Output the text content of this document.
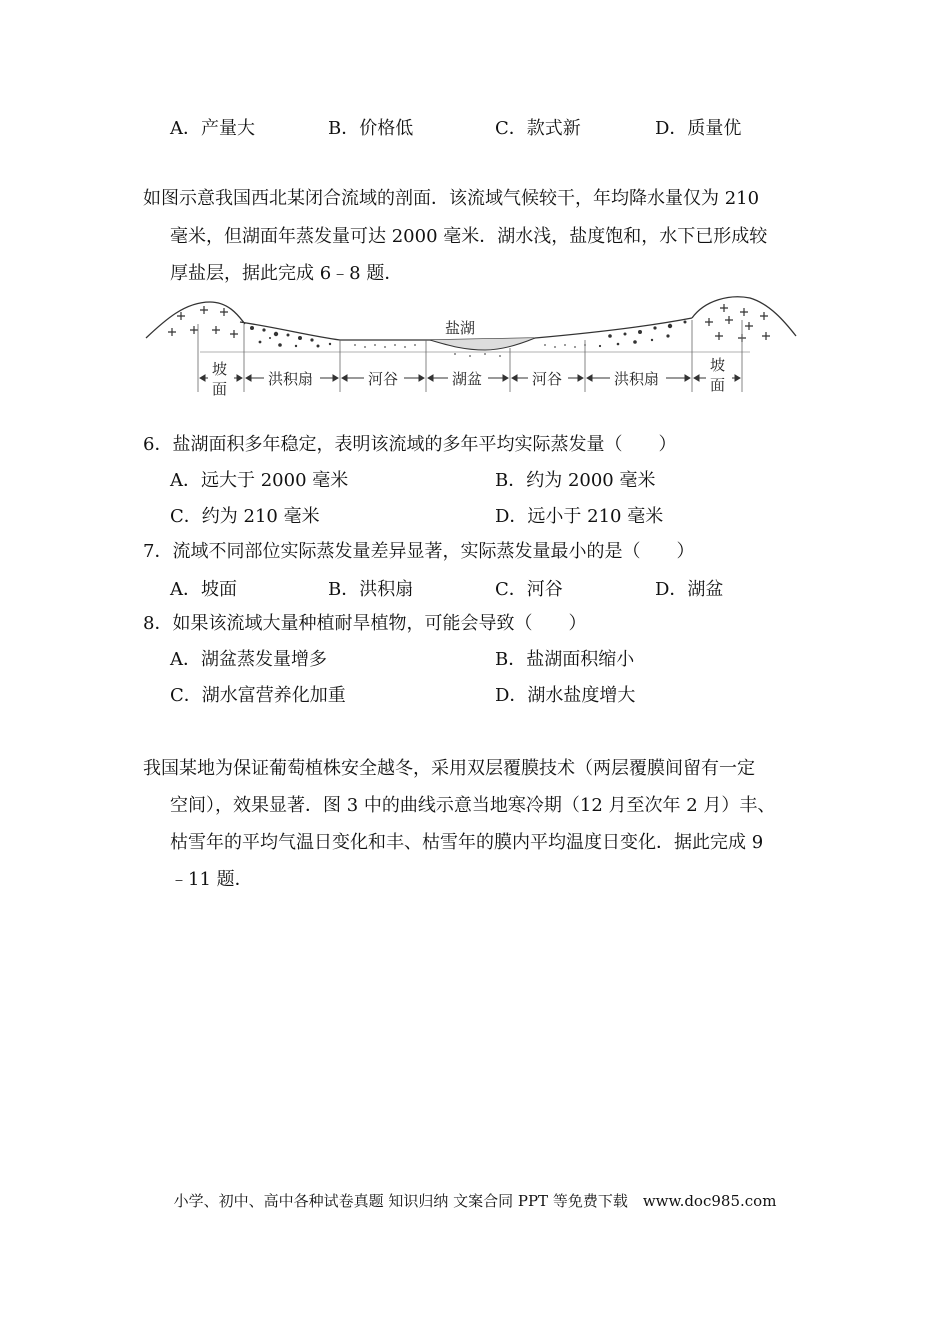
A．产量大	B．价格低	C．款式新	D．质量优
如图示意我国西北某闭合流域的剖面．该流域气候较干，年均降水量仅为 210
毫米，但湖面年蒸发量可达 2000 毫米．湖水浅，盐度饱和，水下已形成较
厚盐层，据此完成 6﹣8 题．
盐湖
坡
面
洪积扇	河谷	湖盆	河谷	洪积扇
坡
面
6．盐湖面积多年稳定，表明该流域的多年平均实际蒸发量（　　）
A．远大于 2000 毫米	B．约为 2000 毫米
C．约为 210 毫米	D．远小于 210 毫米
7．流域不同部位实际蒸发量差异显著，实际蒸发量最小的是（　　）
A．坡面	B．洪积扇	C．河谷	D．湖盆
8．如果该流域大量种植耐旱植物，可能会导致（　　）
A．湖盆蒸发量增多	B．盐湖面积缩小
C．湖水富营养化加重	D．湖水盐度增大
我国某地为保证葡萄植株安全越冬，采用双层覆膜技术（两层覆膜间留有一定
空间），效果显著．图 3 中的曲线示意当地寒冷期（12 月至次年 2 月）丰、
枯雪年的平均气温日变化和丰、枯雪年的膜内平均温度日变化．据此完成 9
﹣11 题．
小学、初中、高中各种试卷真题 知识归纳 文案合同 PPT 等免费下载　www.doc985.com
